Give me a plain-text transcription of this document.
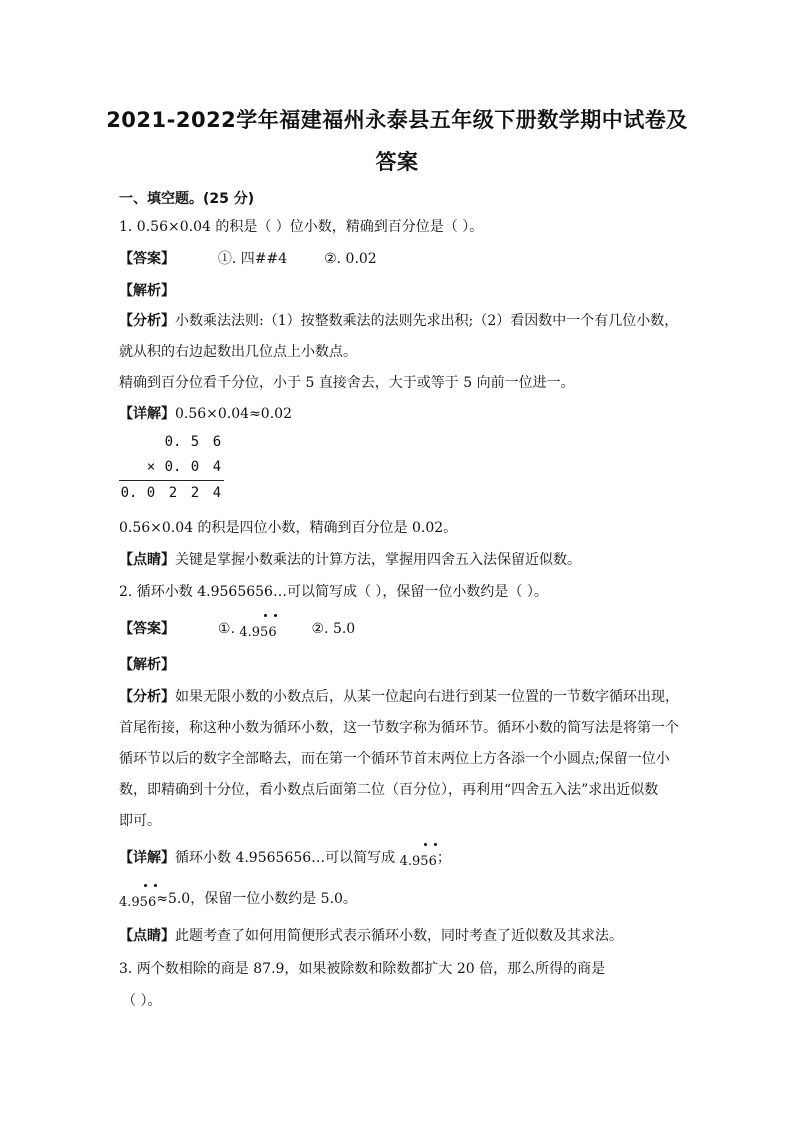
2021-2022学年福建福州永泰县五年级下册数学期中试卷及
答案
一、填空题。(25 分)
1. 0.56×0.04 的积是（ ）位小数，精确到百分位是（ ）。
【答案】	①. 四##4	②. 0.02
【解析】
【分析】小数乘法法则:（1）按整数乘法的法则先求出积;（2）看因数中一个有几位小数，
就从积的右边起数出几位点上小数点。
精确到百分位看千分位，小于 5 直接舍去，大于或等于 5 向前一位进一。
【详解】0.56×0.04≈0.02
0. 5 6
× 0. 0 4
0. 0 2 2 4
0.56×0.04 的积是四位小数，精确到百分位是 0.02。
【点睛】关键是掌握小数乘法的计算方法，掌握用四舍五入法保留近似数。
2. 循环小数 4.9565656…可以简写成（ ），保留一位小数约是（ ）。
【答案】	①. 4.956 ②. 5.0
【解析】
【分析】如果无限小数的小数点后，从某一位起向右进行到某一位置的一节数字循环出现，
首尾衔接，称这种小数为循环小数，这一节数字称为循环节。循环小数的简写法是将第一个
循环节以后的数字全部略去，而在第一个循环节首末两位上方各添一个小圆点;保留一位小
数，即精确到十分位，看小数点后面第二位（百分位），再利用“四舍五入法”求出近似数
即可。
【详解】循环小数 4.9565656…可以简写成 4.956
；
4.956
≈5.0，保留一位小数约是 5.0。
【点睛】此题考查了如何用简便形式表示循环小数，同时考查了近似数及其求法。
3. 两个数相除的商是 87.9，如果被除数和除数都扩大 20 倍，那么所得的商是
（ ）。
